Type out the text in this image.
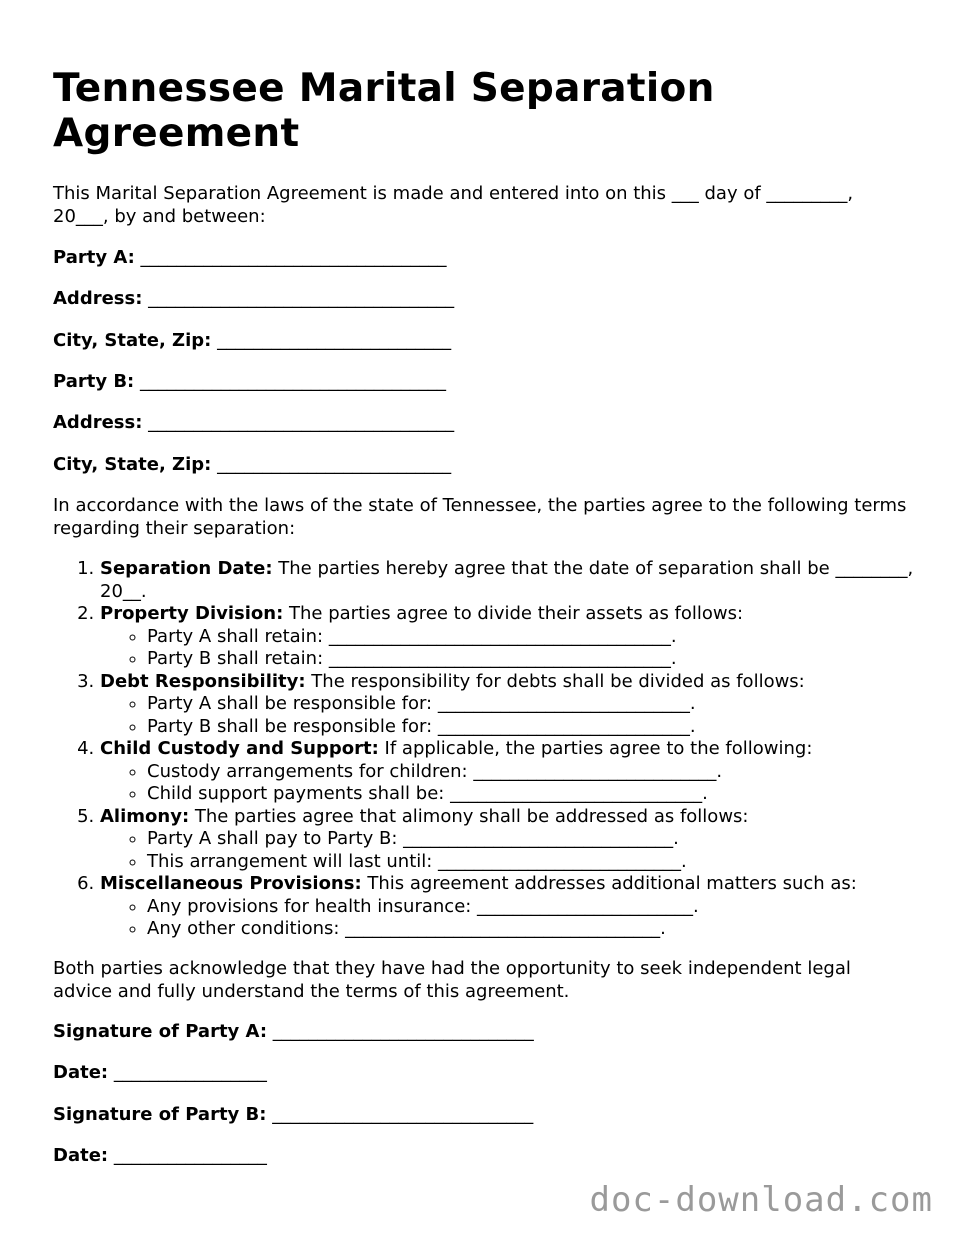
Tennessee Marital Separation Agreement

This Marital Separation Agreement is made and entered into on this ___ day of _________, 20___, by and between:

Party A: __________________________________
Address: __________________________________
City, State, Zip: __________________________
Party B: __________________________________
Address: __________________________________
City, State, Zip: __________________________

In accordance with the laws of the state of Tennessee, the parties agree to the following terms regarding their separation:

1. Separation Date: The parties hereby agree that the date of separation shall be ________, 20__.
2. Property Division: The parties agree to divide their assets as follows:
◦ Party A shall retain: ______________________________________.
◦ Party B shall retain: ______________________________________.
3. Debt Responsibility: The responsibility for debts shall be divided as follows:
◦ Party A shall be responsible for: ____________________________.
◦ Party B shall be responsible for: ____________________________.
4. Child Custody and Support: If applicable, the parties agree to the following:
◦ Custody arrangements for children: ___________________________.
◦ Child support payments shall be: ____________________________.
5. Alimony: The parties agree that alimony shall be addressed as follows:
◦ Party A shall pay to Party B: ______________________________.
◦ This arrangement will last until: ___________________________.
6. Miscellaneous Provisions: This agreement addresses additional matters such as:
◦ Any provisions for health insurance: ________________________.
◦ Any other conditions: ___________________________________.

Both parties acknowledge that they have had the opportunity to seek independent legal advice and fully understand the terms of this agreement.

Signature of Party A: _____________________________
Date: _________________
Signature of Party B: _____________________________
Date: _________________
doc-download.com
